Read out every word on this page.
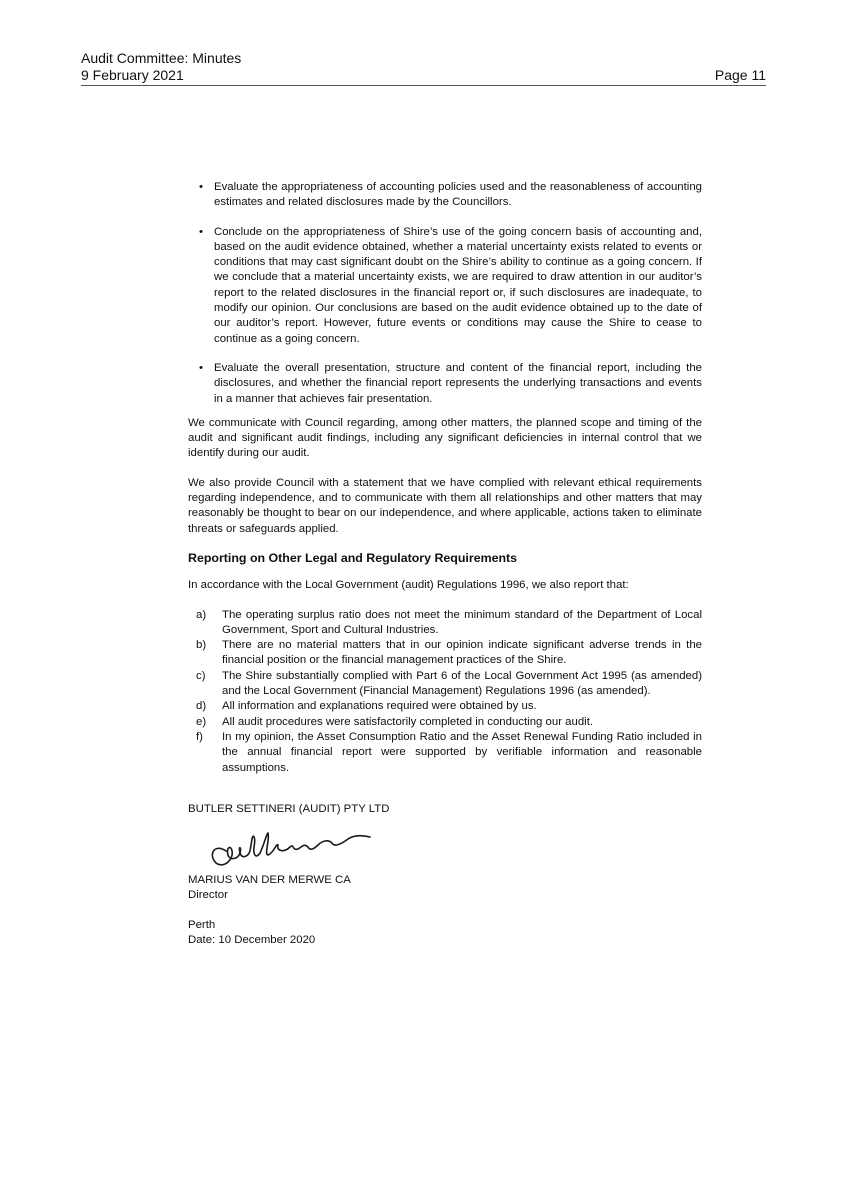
Audit Committee: Minutes
9 February 2021	Page 11
• Evaluate the appropriateness of accounting policies used and the reasonableness of accounting estimates and related disclosures made by the Councillors.
• Conclude on the appropriateness of Shire’s use of the going concern basis of accounting and, based on the audit evidence obtained, whether a material uncertainty exists related to events or conditions that may cast significant doubt on the Shire’s ability to continue as a going concern. If we conclude that a material uncertainty exists, we are required to draw attention in our auditor’s report to the related disclosures in the financial report or, if such disclosures are inadequate, to modify our opinion. Our conclusions are based on the audit evidence obtained up to the date of our auditor’s report. However, future events or conditions may cause the Shire to cease to continue as a going concern.
• Evaluate the overall presentation, structure and content of the financial report, including the disclosures, and whether the financial report represents the underlying transactions and events in a manner that achieves fair presentation.

We communicate with Council regarding, among other matters, the planned scope and timing of the audit and significant audit findings, including any significant deficiencies in internal control that we identify during our audit.

We also provide Council with a statement that we have complied with relevant ethical requirements regarding independence, and to communicate with them all relationships and other matters that may reasonably be thought to bear on our independence, and where applicable, actions taken to eliminate threats or safeguards applied.

Reporting on Other Legal and Regulatory Requirements

In accordance with the Local Government (audit) Regulations 1996, we also report that:

a) The operating surplus ratio does not meet the minimum standard of the Department of Local Government, Sport and Cultural Industries.
b) There are no material matters that in our opinion indicate significant adverse trends in the financial position or the financial management practices of the Shire.
c) The Shire substantially complied with Part 6 of the Local Government Act 1995 (as amended) and the Local Government (Financial Management) Regulations 1996 (as amended).
d) All information and explanations required were obtained by us.
e) All audit procedures were satisfactorily completed in conducting our audit.
f) In my opinion, the Asset Consumption Ratio and the Asset Renewal Funding Ratio included in the annual financial report were supported by verifiable information and reasonable assumptions.
BUTLER SETTINERI (AUDIT) PTY LTD
MARIUS VAN DER MERWE CA
Director
Perth
Date: 10 December 2020
